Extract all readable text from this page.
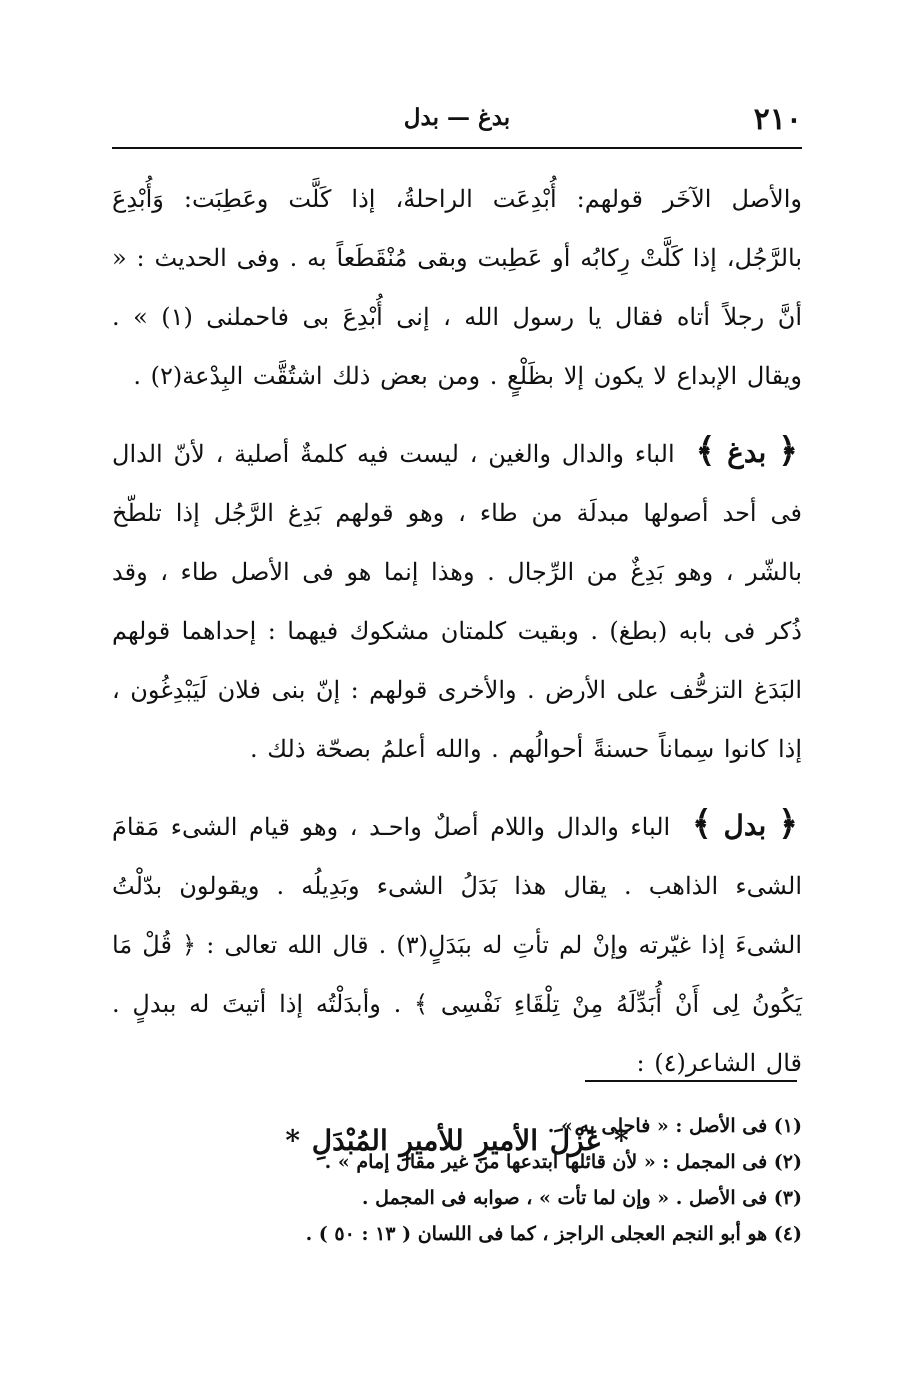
٢١٠
بدغ — بدل

والأصل الآخَر قولهم: أُبْدِعَت الراحلةُ، إذا كَلَّت وعَطِبَت: وَأُبْدِعَ بالرَّجُل، إذا كَلَّتْ رِكابُه أو عَطِبت وبقى مُنْقَطَعاً به . وفى الحديث : « أنَّ رجلاً أتاه فقال يا رسول الله ، إنى أُبْدِعَ بى فاحملنى (١) » . ويقال الإبداع لا يكون إلا بظَلْعٍ . ومن بعض ذلك اشتُقَّت البِدْعة(٢) .

﴿ بدغ ﴾ الباء والدال والغين ، ليست فيه كلمةٌ أصلية ، لأنّ الدال فى أحد أصولها مبدلَة من طاء ، وهو قولهم بَدِغ الرَّجُل إذا تلطّخ بالشّر ، وهو بَدِغٌ من الرِّجال . وهذا إنما هو فى الأصل طاء ، وقد ذُكر فى بابه (بطغ) . وبقيت كلمتان مشكوك فيهما : إحداهما قولهم البَدَغ التزحُّف على الأرض . والأخرى قولهم : إنّ بنى فلان لَيَبْدِغُون ، إذا كانوا سِماناً حسنةً أحوالُهم . والله أعلمُ بصحّة ذلك .

﴿ بدل ﴾ الباء والدال واللام أصلٌ واحـد ، وهو قيام الشىء مَقامَ الشىء الذاهب . يقال هذا بَدَلُ الشىء وبَدِيلُه . ويقولون بدّلْتُ الشىءَ إذا غيّرته وإنْ لم تأتِ له ببَدَلٍ(٣) . قال الله تعالى : ﴿ قُلْ مَا يَكُونُ لِى أَنْ أُبَدِّلَهُ مِنْ تِلْقَاءِ نَفْسِى ﴾ . وأبدَلْتُه إذا أتيتَ له ببدلٍ . قال الشاعر(٤) :

* عَزْلَ الأميرِ للأميرِ المُبْدَلِ *

(١) فى الأصل : « فاحلى به » .

(٢) فى المجمل : « لأن قائلها ابتدعها من غير مقال إمام » .

(٣) فى الأصل . « وإن لما تأت » ، صوابه فى المجمل .

(٤) هو أبو النجم العجلى الراجز ، كما فى اللسان ( ١٣ : ٥٠ ) .
